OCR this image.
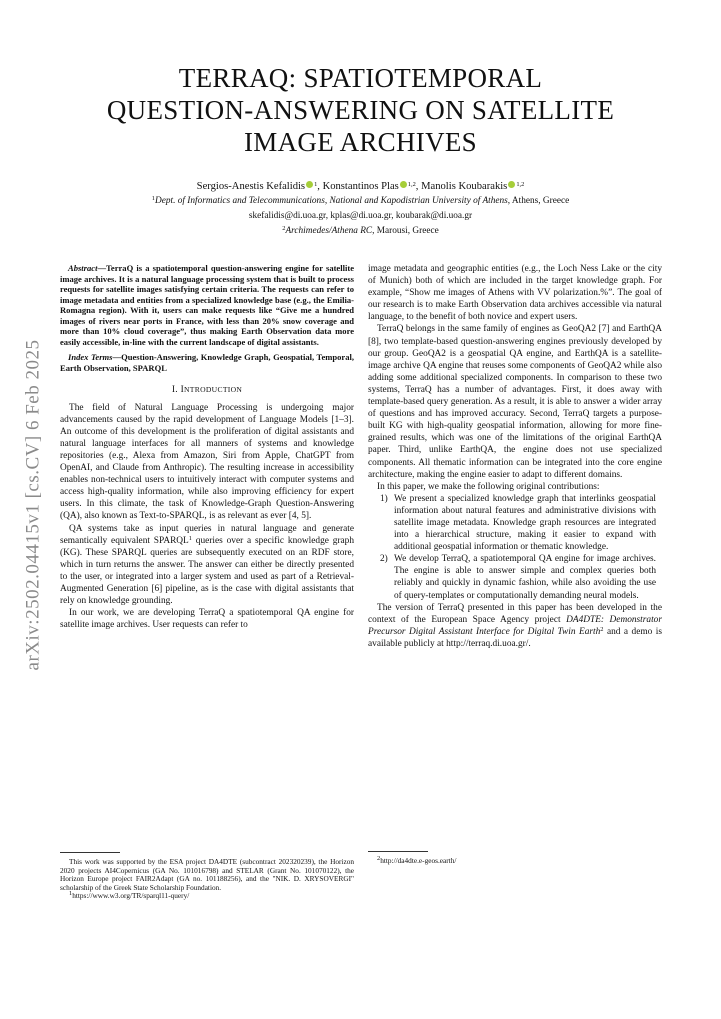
arXiv:2502.04415v1 [cs.CV] 6 Feb 2025
TERRAQ: SPATIOTEMPORAL
QUESTION-ANSWERING ON SATELLITE
IMAGE ARCHIVES
Sergios-Anestis Kefalidis $^1$, Konstantinos Plas $^{1,2}$, Manolis Koubarakis $^{1,2}$
$^1$Dept. of Informatics and Telecommunications, National and Kapodistrian University of Athens, Athens, Greece
skefalidis@di.uoa.gr, kplas@di.uoa.gr, koubarak@di.uoa.gr
$^2$Archimedes/Athena RC, Marousi, Greece

Abstract—TerraQ is a spatiotemporal question-answering engine for satellite image archives. It is a natural language processing system that is built to process requests for satellite images satisfying certain criteria. The requests can refer to image metadata and entities from a specialized knowledge base (e.g., the Emilia-Romagna region). With it, users can make requests like “Give me a hundred images of rivers near ports in France, with less than 20% snow coverage and more than 10% cloud coverage”, thus making Earth Observation data more easily accessible, in-line with the current landscape of digital assistants.

Index Terms—Question-Answering, Knowledge Graph, Geospatial, Temporal, Earth Observation, SPARQL

I. INTRODUCTION

The field of Natural Language Processing is undergoing major advancements caused by the rapid development of Language Models [1–3]. An outcome of this development is the proliferation of digital assistants and natural language interfaces for all manners of systems and knowledge repositories (e.g., Alexa from Amazon, Siri from Apple, ChatGPT from OpenAI, and Claude from Anthropic). The resulting increase in accessibility enables non-technical users to intuitively interact with computer systems and access high-quality information, while also improving efficiency for expert users. In this climate, the task of Knowledge-Graph Question-Answering (QA), also known as Text-to-SPARQL, is as relevant as ever [4, 5].

QA systems take as input queries in natural language and generate semantically equivalent SPARQL$^1$ queries over a specific knowledge graph (KG). These SPARQL queries are subsequently executed on an RDF store, which in turn returns the answer. The answer can either be directly presented to the user, or integrated into a larger system and used as part of a Retrieval-Augmented Generation [6] pipeline, as is the case with digital assistants that rely on knowledge grounding.

In our work, we are developing TerraQ a spatiotemporal QA engine for satellite image archives. User requests can refer to

This work was supported by the ESA project DA4DTE (subcontract 202320239), the Horizon 2020 projects AI4Copernicus (GA No. 101016798) and STELAR (Grant No. 101070122), the Horizon Europe project FAIR2Adapt (GA no. 101188256), and the "NIK. D. XRYSOVERGI" scholarship of the Greek State Scholarship Foundation.

$^1$https://www.w3.org/TR/sparql11-query/

image metadata and geographic entities (e.g., the Loch Ness Lake or the city of Munich) both of which are included in the target knowledge graph. For example, “Show me images of Athens with VV polarization.%”. The goal of our research is to make Earth Observation data archives accessible via natural language, to the benefit of both novice and expert users.

TerraQ belongs in the same family of engines as GeoQA2 [7] and EarthQA [8], two template-based question-answering engines previously developed by our group. GeoQA2 is a geospatial QA engine, and EarthQA is a satellite-image archive QA engine that reuses some components of GeoQA2 while also adding some additional specialized components. In comparison to these two systems, TerraQ has a number of advantages. First, it does away with template-based query generation. As a result, it is able to answer a wider array of questions and has improved accuracy. Second, TerraQ targets a purpose-built KG with high-quality geospatial information, allowing for more fine-grained results, which was one of the limitations of the original EarthQA paper. Third, unlike EarthQA, the engine does not use specialized components. All thematic information can be integrated into the core engine architecture, making the engine easier to adapt to different domains.

In this paper, we make the following original contributions:

1) We present a specialized knowledge graph that interlinks geospatial information about natural features and administrative divisions with satellite image metadata. Knowledge graph resources are integrated into a hierarchical structure, making it easier to expand with additional geospatial information or thematic knowledge.
2) We develop TerraQ, a spatiotemporal QA engine for image archives. The engine is able to answer simple and complex queries both reliably and quickly in dynamic fashion, while also avoiding the use of query-templates or computationally demanding neural models.

The version of TerraQ presented in this paper has been developed in the context of the European Space Agency project DA4DTE: Demonstrator Precursor Digital Assistant Interface for Digital Twin Earth$^2$ and a demo is available publicly at http://terraq.di.uoa.gr/.

$^2$http://da4dte.e-geos.earth/
